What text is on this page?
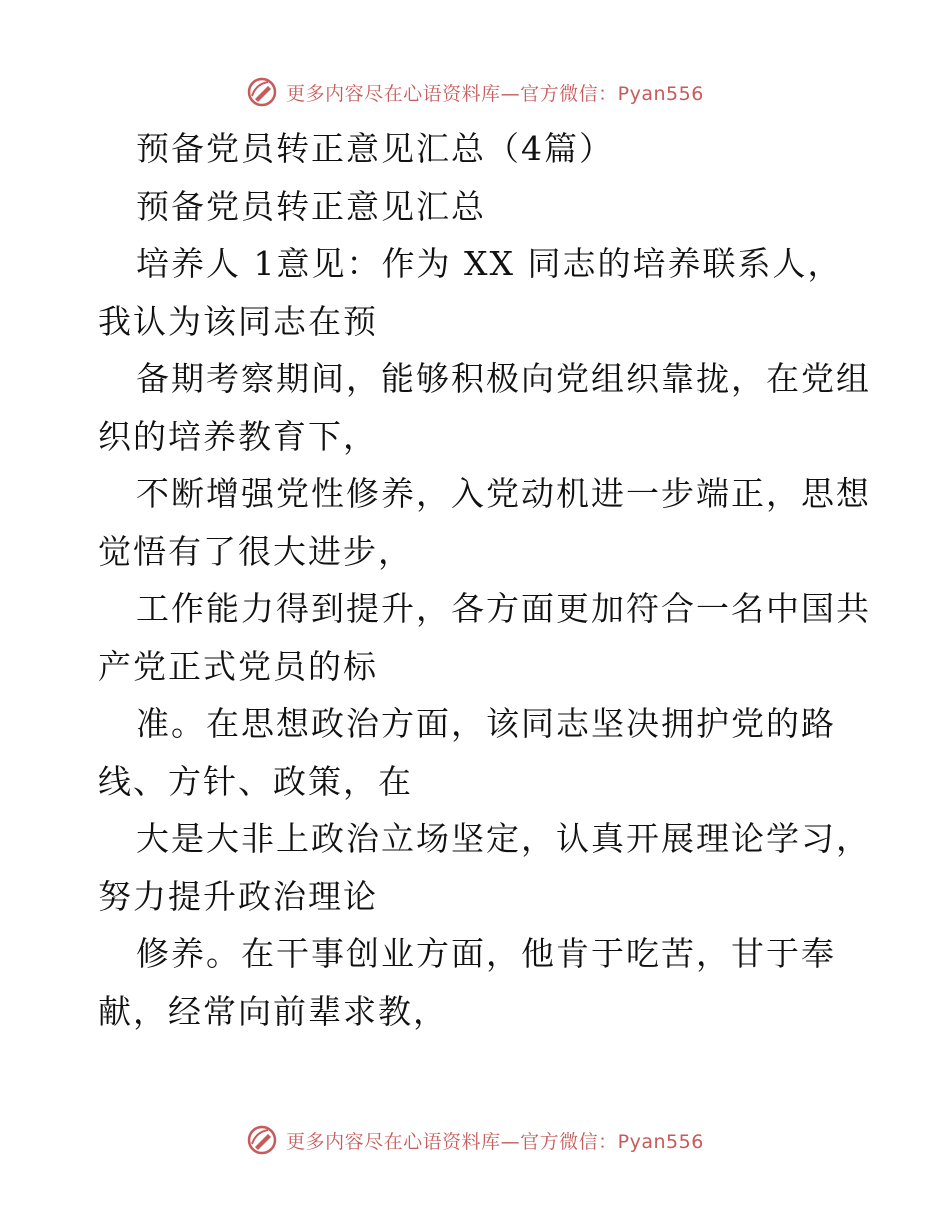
更多内容尽在心语资料库—官方微信：Pyan556

预备党员转正意见汇总（4篇）

预备党员转正意见汇总

培养人 1意见：作为 XX 同志的培养联系人，

我认为该同志在预

备期考察期间，能够积极向党组织靠拢，在党组

织的培养教育下，

不断增强党性修养，入党动机进一步端正，思想

觉悟有了很大进步，

工作能力得到提升，各方面更加符合一名中国共

产党正式党员的标

准。在思想政治方面，该同志坚决拥护党的路

线、方针、政策，在

大是大非上政治立场坚定，认真开展理论学习，

努力提升政治理论

修养。在干事创业方面，他肯于吃苦，甘于奉

献，经常向前辈求教，

更多内容尽在心语资料库—官方微信：Pyan556
